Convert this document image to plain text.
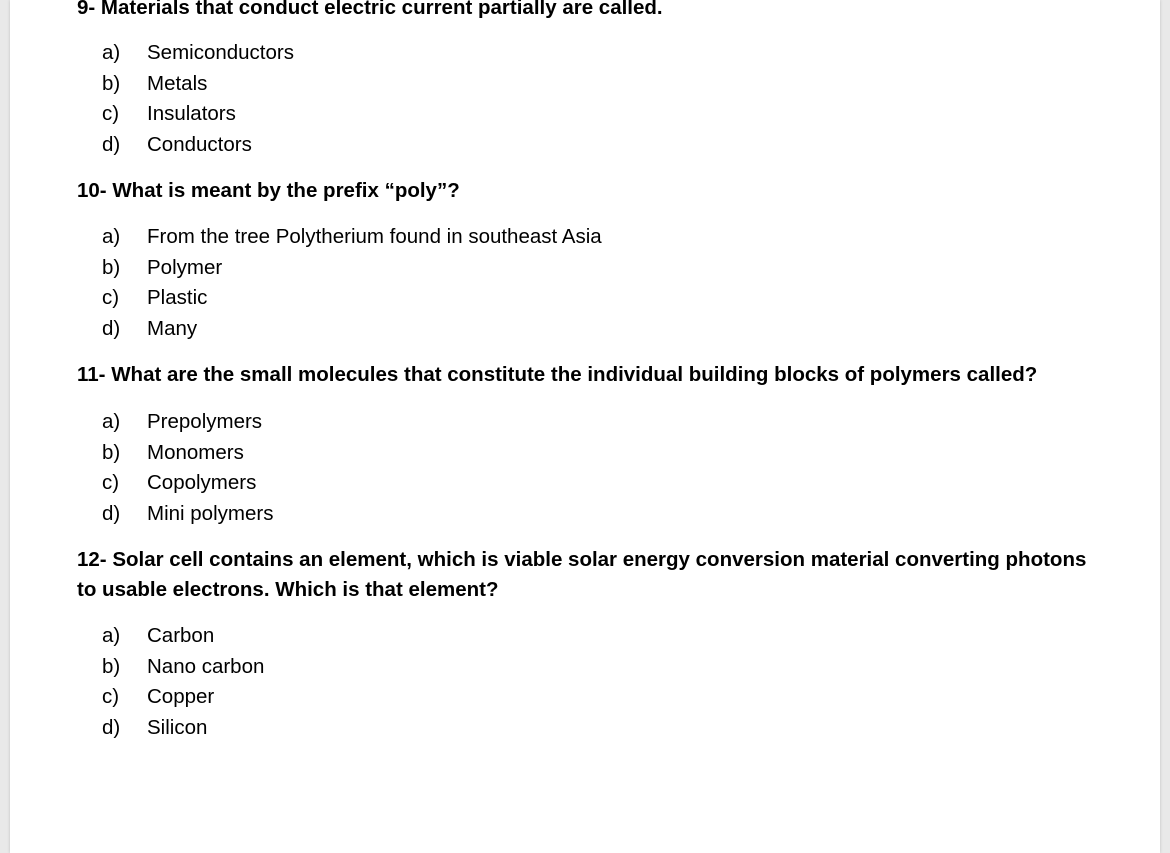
9- Materials that conduct electric current partially are called.

a) Semiconductors
b) Metals
c) Insulators
d) Conductors

10- What is meant by the prefix “poly”?

a) From the tree Polytherium found in southeast Asia
b) Polymer
c) Plastic
d) Many

11- What are the small molecules that constitute the individual building blocks of polymers called?

a) Prepolymers
b) Monomers
c) Copolymers
d) Mini polymers

12- Solar cell contains an element, which is viable solar energy conversion material converting photons to usable electrons. Which is that element?

a) Carbon
b) Nano carbon
c) Copper
d) Silicon
